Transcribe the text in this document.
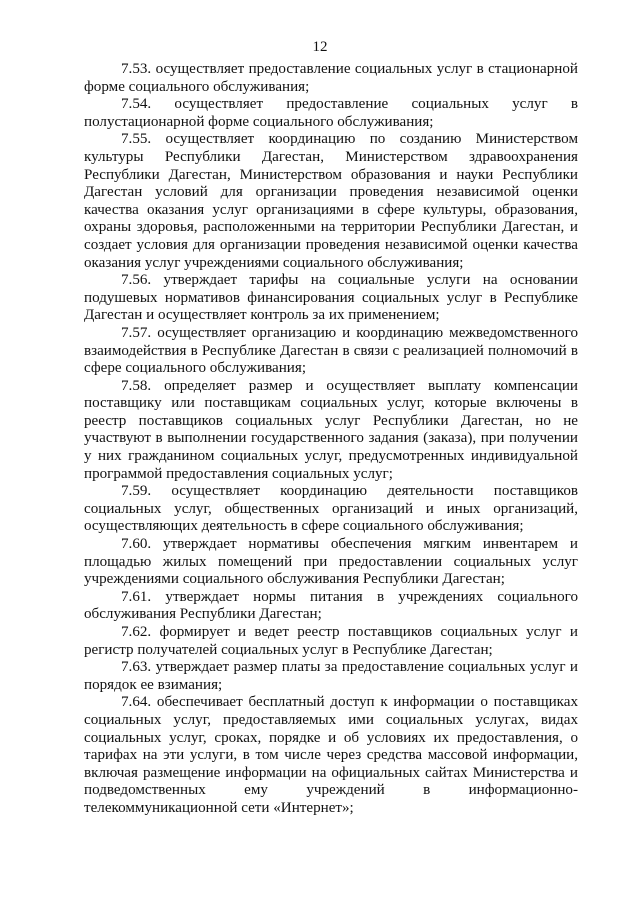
12

7.53. осуществляет предоставление социальных услуг в стационарной форме социального обслуживания;

7.54. осуществляет предоставление социальных услуг в полустационарной форме социального обслуживания;

7.55. осуществляет координацию по созданию Министерством культуры Республики Дагестан, Министерством здравоохранения Республики Дагестан, Министерством образования и науки Республики Дагестан условий для организации проведения независимой оценки качества оказания услуг организациями в сфере культуры, образования, охраны здоровья, расположенными на территории Республики Дагестан, и создает условия для организации проведения независимой оценки качества оказания услуг учреждениями социального обслуживания;

7.56. утверждает тарифы на социальные услуги на основании подушевых нормативов финансирования социальных услуг в Республике Дагестан и осуществляет контроль за их применением;

7.57. осуществляет организацию и координацию межведомственного взаимодействия в Республике Дагестан в связи с реализацией полномочий в сфере социального обслуживания;

7.58. определяет размер и осуществляет выплату компенсации поставщику или поставщикам социальных услуг, которые включены в реестр поставщиков социальных услуг Республики Дагестан, но не участвуют в выполнении государственного задания (заказа), при получении у них гражданином социальных услуг, предусмотренных индивидуальной программой предоставления социальных услуг;

7.59. осуществляет координацию деятельности поставщиков социальных услуг, общественных организаций и иных организаций, осуществляющих деятельность в сфере социального обслуживания;

7.60. утверждает нормативы обеспечения мягким инвентарем и площадью жилых помещений при предоставлении социальных услуг учреждениями социального обслуживания Республики Дагестан;

7.61. утверждает нормы питания в учреждениях социального обслуживания Республики Дагестан;

7.62. формирует и ведет реестр поставщиков социальных услуг и регистр получателей социальных услуг в Республике Дагестан;

7.63. утверждает размер платы за предоставление социальных услуг и порядок ее взимания;

7.64. обеспечивает бесплатный доступ к информации о поставщиках социальных услуг, предоставляемых ими социальных услугах, видах социальных услуг, сроках, порядке и об условиях их предоставления, о тарифах на эти услуги, в том числе через средства массовой информации, включая размещение информации на официальных сайтах Министерства и подведомственных ему учреждений в информационно-телекоммуникационной сети «Интернет»;
